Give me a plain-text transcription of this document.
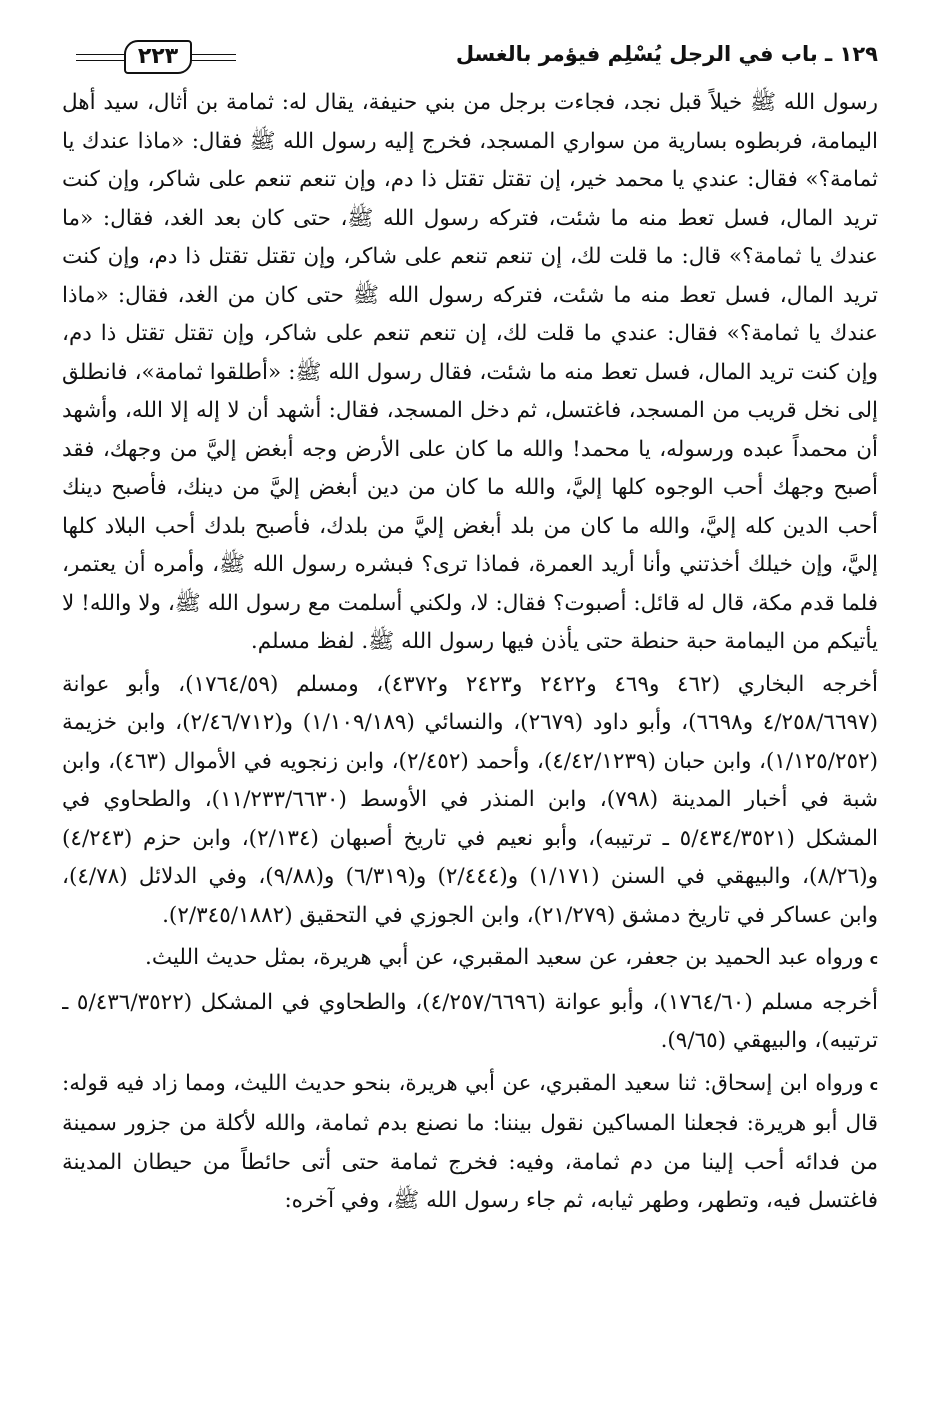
١٢٩ ـ باب في الرجل يُسْلِم فيؤمر بالغسل
٢٢٣

رسول الله ﷺ خيلاً قبل نجد، فجاءت برجل من بني حنيفة، يقال له: ثمامة بن أثال، سيد أهل اليمامة، فربطوه بسارية من سواري المسجد، فخرج إليه رسول الله ﷺ فقال: «ماذا عندك يا ثمامة؟» فقال: عندي يا محمد خير، إن تقتل تقتل ذا دم، وإن تنعم تنعم على شاكر، وإن كنت تريد المال، فسل تعط منه ما شئت، فتركه رسول الله ﷺ، حتى كان بعد الغد، فقال: «ما عندك يا ثمامة؟» قال: ما قلت لك، إن تنعم تنعم على شاكر، وإن تقتل تقتل ذا دم، وإن كنت تريد المال، فسل تعط منه ما شئت، فتركه رسول الله ﷺ حتى كان من الغد، فقال: «ماذا عندك يا ثمامة؟» فقال: عندي ما قلت لك، إن تنعم تنعم على شاكر، وإن تقتل تقتل ذا دم، وإن كنت تريد المال، فسل تعط منه ما شئت، فقال رسول الله ﷺ: «أطلقوا ثمامة»، فانطلق إلى نخل قريب من المسجد، فاغتسل، ثم دخل المسجد، فقال: أشهد أن لا إله إلا الله، وأشهد أن محمداً عبده ورسوله، يا محمد! والله ما كان على الأرض وجه أبغض إليَّ من وجهك، فقد أصبح وجهك أحب الوجوه كلها إليَّ، والله ما كان من دين أبغض إليَّ من دينك، فأصبح دينك أحب الدين كله إليَّ، والله ما كان من بلد أبغض إليَّ من بلدك، فأصبح بلدك أحب البلاد كلها إليَّ، وإن خيلك أخذتني وأنا أريد العمرة، فماذا ترى؟ فبشره رسول الله ﷺ، وأمره أن يعتمر، فلما قدم مكة، قال له قائل: أصبوت؟ فقال: لا، ولكني أسلمت مع رسول الله ﷺ، ولا والله! لا يأتيكم من اليمامة حبة حنطة حتى يأذن فيها رسول الله ﷺ. لفظ مسلم.

أخرجه البخاري (٤٦٢ و٤٦٩ و٢٤٢٢ و٢٤٢٣ و٤٣٧٢)، ومسلم (١٧٦٤/٥٩)، وأبو عوانة (٤/٢٥٨/٦٦٩٧ و٦٦٩٨)، وأبو داود (٢٦٧٩)، والنسائي (١/١٠٩/١٨٩) و(٢/٤٦/٧١٢)، وابن خزيمة (١/١٢٥/٢٥٢)، وابن حبان (٤/٤٢/١٢٣٩)، وأحمد (٢/٤٥٢)، وابن زنجويه في الأموال (٤٦٣)، وابن شبة في أخبار المدينة (٧٩٨)، وابن المنذر في الأوسط (١١/٢٣٣/٦٦٣٠)، والطحاوي في المشكل (٥/٤٣٤/٣٥٢١ ـ ترتيبه)، وأبو نعيم في تاريخ أصبهان (٢/١٣٤)، وابن حزم (٤/٢٤٣) و(٨/٢٦)، والبيهقي في السنن (١/١٧١) و(٢/٤٤٤) و(٦/٣١٩) و(٩/٨٨)، وفي الدلائل (٤/٧٨)، وابن عساكر في تاريخ دمشق (٢١/٢٧٩)، وابن الجوزي في التحقيق (٢/٣٤٥/١٨٨٢).

cورواه عبد الحميد بن جعفر، عن سعيد المقبري، عن أبي هريرة، بمثل حديث الليث.

أخرجه مسلم (١٧٦٤/٦٠)، وأبو عوانة (٤/٢٥٧/٦٦٩٦)، والطحاوي في المشكل (٥/٤٣٦/٣٥٢٢ ـ ترتيبه)، والبيهقي (٩/٦٥).

cورواه ابن إسحاق: ثنا سعيد المقبري، عن أبي هريرة، بنحو حديث الليث، ومما زاد فيه قوله: قال أبو هريرة: فجعلنا المساكين نقول بيننا: ما نصنع بدم ثمامة، والله لأكلة من جزور سمينة من فدائه أحب إلينا من دم ثمامة، وفيه: فخرج ثمامة حتى أتى حائطاً من حيطان المدينة فاغتسل فيه، وتطهر، وطهر ثيابه، ثم جاء رسول الله ﷺ، وفي آخره:
